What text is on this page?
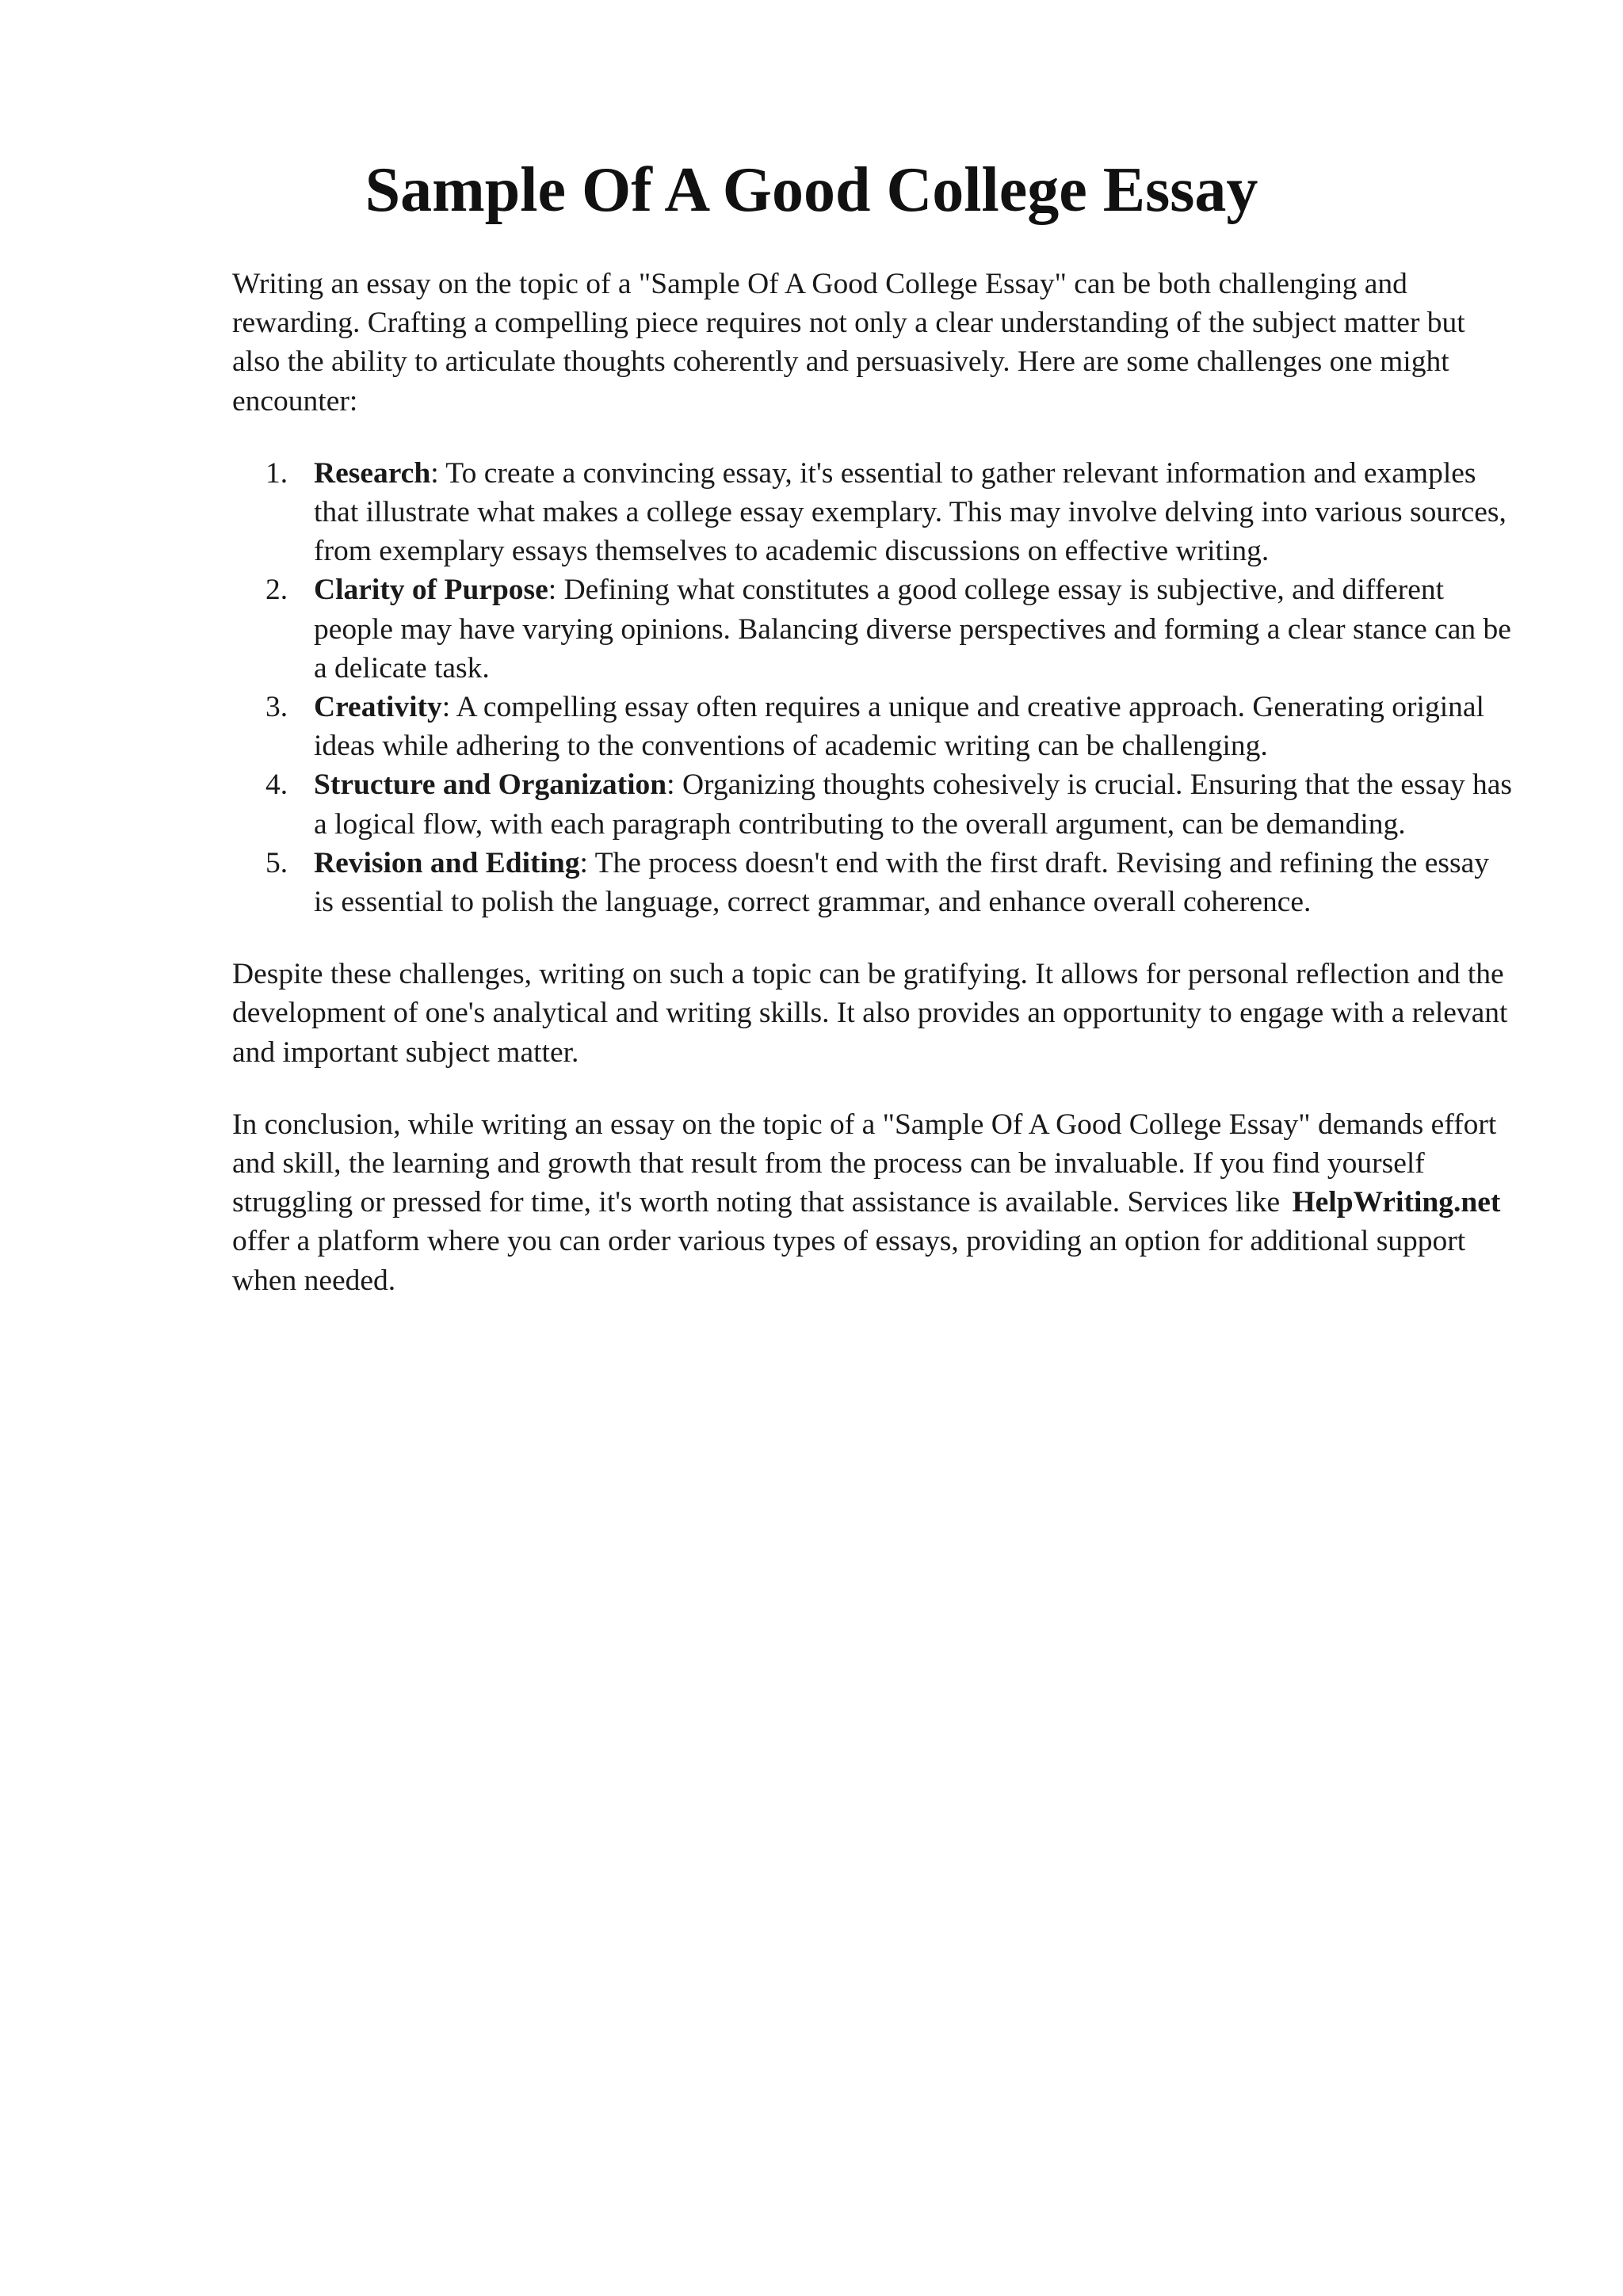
Sample Of A Good College Essay

Writing an essay on the topic of a "Sample Of A Good College Essay" can be both challenging and rewarding. Crafting a compelling piece requires not only a clear understanding of the subject matter but also the ability to articulate thoughts coherently and persuasively. Here are some challenges one might encounter:

1. Research: To create a convincing essay, it's essential to gather relevant information and examples that illustrate what makes a college essay exemplary. This may involve delving into various sources, from exemplary essays themselves to academic discussions on effective writing.
2. Clarity of Purpose: Defining what constitutes a good college essay is subjective, and different people may have varying opinions. Balancing diverse perspectives and forming a clear stance can be a delicate task.
3. Creativity: A compelling essay often requires a unique and creative approach. Generating original ideas while adhering to the conventions of academic writing can be challenging.
4. Structure and Organization: Organizing thoughts cohesively is crucial. Ensuring that the essay has a logical flow, with each paragraph contributing to the overall argument, can be demanding.
5. Revision and Editing: The process doesn't end with the first draft. Revising and refining the essay is essential to polish the language, correct grammar, and enhance overall coherence.

Despite these challenges, writing on such a topic can be gratifying. It allows for personal reflection and the development of one's analytical and writing skills. It also provides an opportunity to engage with a relevant and important subject matter.

In conclusion, while writing an essay on the topic of a "Sample Of A Good College Essay" demands effort and skill, the learning and growth that result from the process can be invaluable. If you find yourself struggling or pressed for time, it's worth noting that assistance is available. Services like HelpWriting.net offer a platform where you can order various types of essays, providing an option for additional support when needed.
